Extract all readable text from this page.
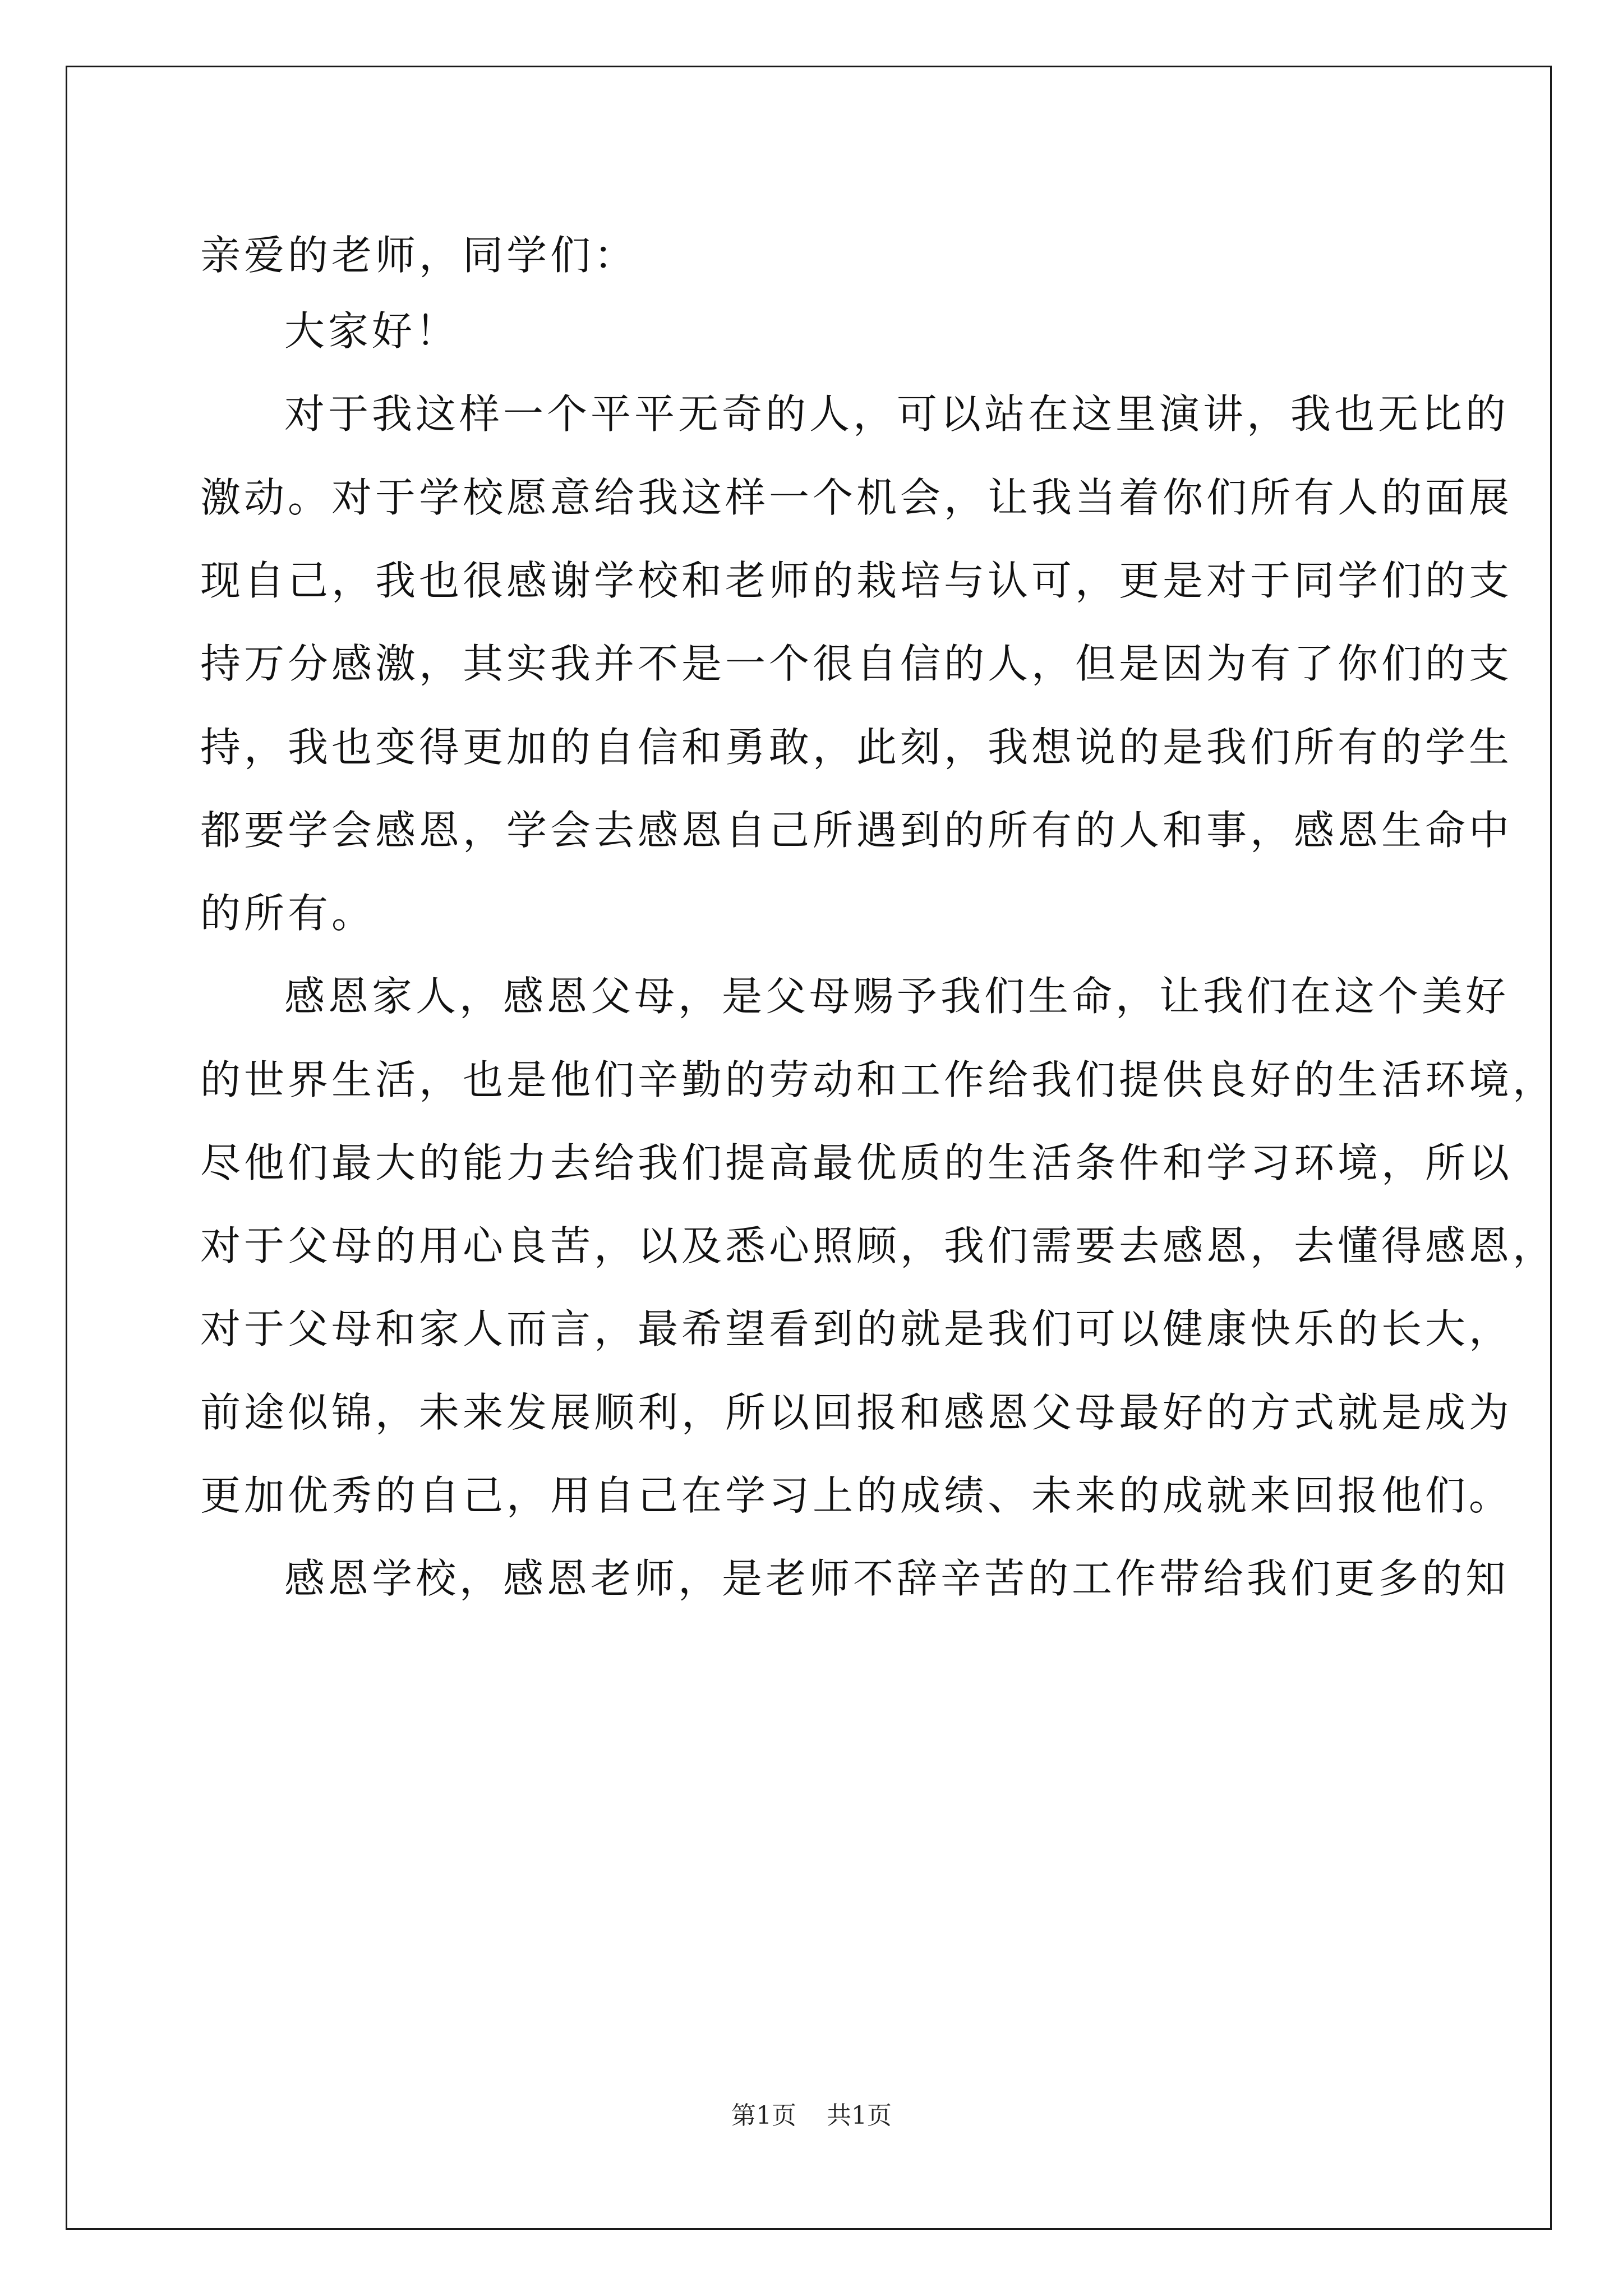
亲爱的老师，同学们：
大家好！
对于我这样一个平平无奇的人，可以站在这里演讲，我也无比的
激动。对于学校愿意给我这样一个机会，让我当着你们所有人的面展
现自己，我也很感谢学校和老师的栽培与认可，更是对于同学们的支
持万分感激，其实我并不是一个很自信的人，但是因为有了你们的支
持，我也变得更加的自信和勇敢，此刻，我想说的是我们所有的学生
都要学会感恩，学会去感恩自己所遇到的所有的人和事，感恩生命中
的所有。
感恩家人，感恩父母，是父母赐予我们生命，让我们在这个美好
的世界生活，也是他们辛勤的劳动和工作给我们提供良好的生活环境，
尽他们最大的能力去给我们提高最优质的生活条件和学习环境，所以
对于父母的用心良苦，以及悉心照顾，我们需要去感恩，去懂得感恩，
对于父母和家人而言，最希望看到的就是我们可以健康快乐的长大，
前途似锦，未来发展顺利，所以回报和感恩父母最好的方式就是成为
更加优秀的自己，用自己在学习上的成绩、未来的成就来回报他们。
感恩学校，感恩老师，是老师不辞辛苦的工作带给我们更多的知
第1页 共1页
